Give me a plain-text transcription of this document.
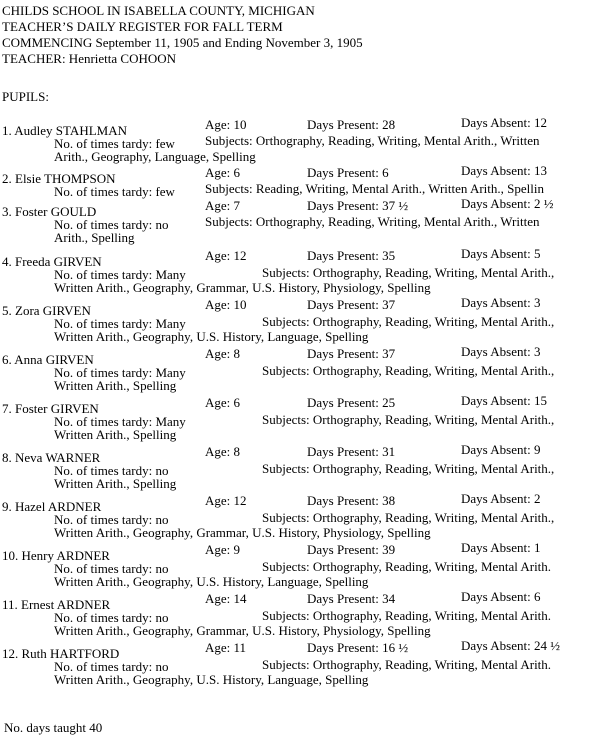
CHILDS SCHOOL IN ISABELLA COUNTY, MICHIGAN
TEACHER’S DAILY REGISTER FOR FALL TERM
COMMENCING September 11, 1905 and Ending November 3, 1905
TEACHER: Henrietta COHOON
PUPILS:
1. Audley STAHLMAN	Age: 10	Days Present: 28	Days Absent: 12
No. of times tardy: few Subjects: Orthography, Reading, Writing, Mental Arith., Written
Arith., Geography, Language, Spelling
2. Elsie THOMPSON	Age: 6	Days Present: 6	Days Absent: 13
No. of times tardy: few Subjects: Reading, Writing, Mental Arith., Written Arith., Spellin
3. Foster GOULD	Age: 7	Days Present: 37 ½	Days Absent: 2 ½
No. of times tardy: no	Subjects: Orthography, Reading, Writing, Mental Arith., Written
Arith., Spelling
4. Freeda GIRVEN	Age: 12	Days Present: 35	Days Absent: 5
No. of times tardy: Many	Subjects: Orthography, Reading, Writing, Mental Arith.,
Written Arith., Geography, Grammar, U.S. History, Physiology, Spelling
5. Zora GIRVEN	Age: 10	Days Present: 37	Days Absent: 3
No. of times tardy: Many	Subjects: Orthography, Reading, Writing, Mental Arith.,
Written Arith., Geography, U.S. History, Language, Spelling
6. Anna GIRVEN	Age: 8	Days Present: 37	Days Absent: 3
No. of times tardy: Many	Subjects: Orthography, Reading, Writing, Mental Arith.,
Written Arith., Spelling
7. Foster GIRVEN	Age: 6	Days Present: 25	Days Absent: 15
No. of times tardy: Many	Subjects: Orthography, Reading, Writing, Mental Arith.,
Written Arith., Spelling
8. Neva WARNER	Age: 8	Days Present: 31	Days Absent: 9
No. of times tardy: no	Subjects: Orthography, Reading, Writing, Mental Arith.,
Written Arith., Spelling
9. Hazel ARDNER	Age: 12	Days Present: 38	Days Absent: 2
No. of times tardy: no	Subjects: Orthography, Reading, Writing, Mental Arith.,
Written Arith., Geography, Grammar, U.S. History, Physiology, Spelling
10. Henry ARDNER	Age: 9	Days Present: 39	Days Absent: 1
No. of times tardy: no	Subjects: Orthography, Reading, Writing, Mental Arith.
Written Arith., Geography, U.S. History, Language, Spelling
11. Ernest ARDNER	Age: 14	Days Present: 34	Days Absent: 6
No. of times tardy: no	Subjects: Orthography, Reading, Writing, Mental Arith.
Written Arith., Geography, Grammar, U.S. History, Physiology, Spelling
12. Ruth HARTFORD	Age: 11	Days Present: 16 ½	Days Absent: 24 ½
No. of times tardy: no	Subjects: Orthography, Reading, Writing, Mental Arith.
Written Arith., Geography, U.S. History, Language, Spelling
No. days taught 40
